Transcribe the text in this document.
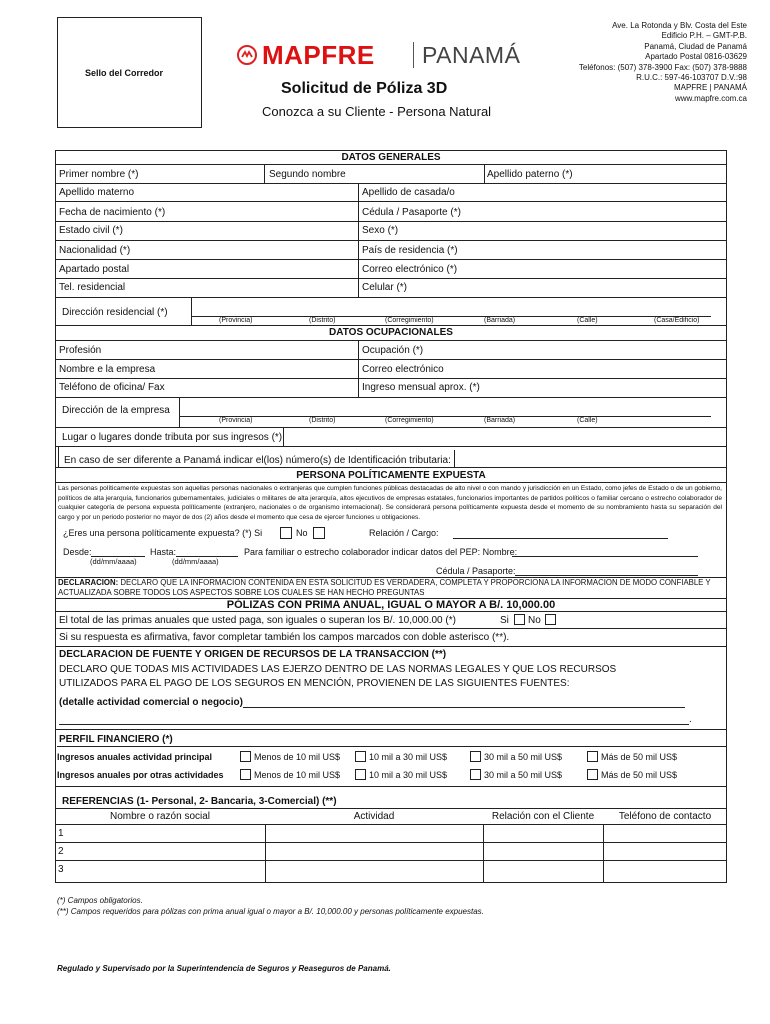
Sello del Corredor
MAPFRE PANAMÁ
Solicitud de Póliza 3D
Conozca a su Cliente - Persona Natural
Ave. La Rotonda y Blv. Costa del Este
Edificio P.H. – GMT-P.B.
Panamá, Ciudad de Panamá
Apartado Postal 0816-03629
Teléfonos: (507) 378-3900 Fax: (507) 378-9888
R.U.C.: 597-46-103707 D.V.:98
MAPFRE | PANAMÁ
www.mapfre.com.ca
DATOS GENERALES
Primer nombre (*)	Segundo nombre	Apellido paterno (*)
Apellido materno	Apellido de casada/o
Fecha de nacimiento (*)	Cédula / Pasaporte (*)
Estado civil (*)	Sexo (*)
Nacionalidad (*)	País de residencia (*)
Apartado postal	Correo electrónico (*)
Tel. residencial	Celular (*)
Dirección residencial (*)
(Provincia)	(Distrito)	(Corregimiento)	(Barriada)	(Calle)	(Casa/Edificio)
DATOS OCUPACIONALES
Profesión	Ocupación (*)
Nombre e la empresa	Correo electrónico
Teléfono de oficina/ Fax	Ingreso mensual aprox. (*)
Dirección de la empresa
(Provincia)	(Distrito)	(Corregimiento)	(Barriada)	(Calle)
Lugar o lugares donde tributa por sus ingresos (*)
En caso de ser diferente a Panamá indicar el(los) número(s) de Identificación tributaria:
PERSONA POLÍTICAMENTE EXPUESTA
Las personas políticamente expuestas son aquellas personas nacionales o extranjeras que cumplen funciones públicas destacadas de alto nivel o con mando y jurisdicción en un Estado, como jefes de Estado o de un gobierno, políticos de alta jerarquía, funcionarios gubernamentales, judiciales o militares de alta jerarquía, altos ejecutivos de empresas estatales, funcionarios importantes de partidos políticos o familiar cercano o estrecho colaborador de cualquier categoría de persona expuesta políticamente (extranjero, nacionales o de organismo internacional). Se considerará persona políticamente expuesta desde el momento de su nombramiento hasta su separación del cargo y por un periodo posterior no mayor de dos (2) años desde el momento que cesa de ejercer funciones u obligaciones.
¿Eres una persona políticamente expuesta? (*) Si	No	Relación / Cargo:
Desde:	Hasta:	Para familiar o estrecho colaborador indicar datos del PEP: Nombre:
(dd/mm/aaaa)	(dd/mm/aaaa)
Cédula / Pasaporte:
DECLARACION: DECLARO QUE LA INFORMACION CONTENIDA EN ESTA SOLICITUD ES VERDADERA, COMPLETA Y PROPORCIONA LA INFORMACION DE MODO CONFIABLE Y ACTUALIZADA SOBRE TODOS LOS ASPECTOS SOBRE LOS CUALES SE HAN HECHO PREGUNTAS
PÓLIZAS CON PRIMA ANUAL, IGUAL O MAYOR A B/. 10,000.00
El total de las primas anuales que usted paga, son iguales o superan los B/. 10,000.00 (*)	Si No
Si su respuesta es afirmativa, favor completar también los campos marcados con doble asterisco (**).
DECLARACION DE FUENTE Y ORIGEN DE RECURSOS DE LA TRANSACCION (**)
DECLARO QUE TODAS MIS ACTIVIDADES LAS EJERZO DENTRO DE LAS NORMAS LEGALES Y QUE LOS RECURSOS UTILIZADOS PARA EL PAGO DE LOS SEGUROS EN MENCIÓN, PROVIENEN DE LAS SIGUIENTES FUENTES:
(detalle actividad comercial o negocio)
.
PERFIL FINANCIERO (*)
Ingresos anuales actividad principal	Menos de 10 mil US$	10 mil a 30 mil US$	30 mil a 50 mil US$	Más de 50 mil US$
Ingresos anuales por otras actividades	Menos de 10 mil US$	10 mil a 30 mil US$	30 mil a 50 mil US$	Más de 50 mil US$
REFERENCIAS (1- Personal, 2- Bancaria, 3-Comercial) (**)
Nombre o razón social	Actividad	Relación con el Cliente	Teléfono de contacto
1
2
3
(*) Campos obligatorios.
(**) Campos requeridos para pólizas con prima anual igual o mayor a B/. 10,000.00 y personas políticamente expuestas.
Regulado y Supervisado por la Superintendencia de Seguros y Reaseguros de Panamá.
